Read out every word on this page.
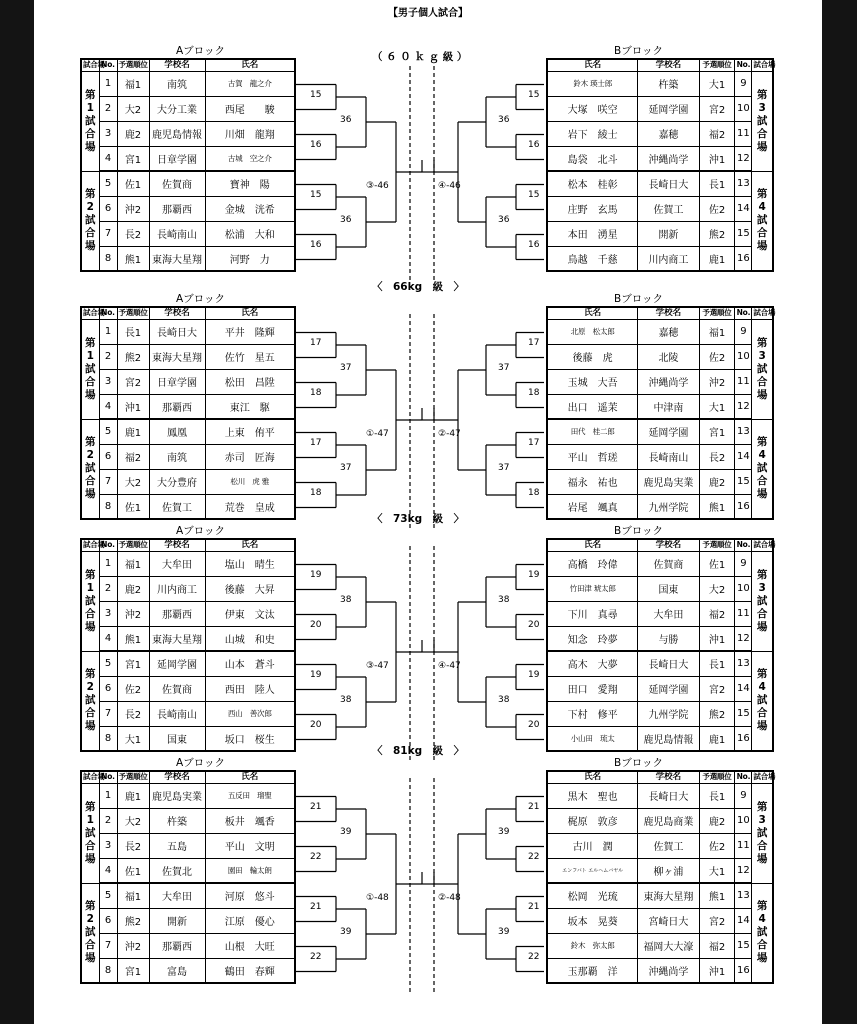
【男子個人試合】
（ ６ ０ ｋ ｇ 級 ）
Aブロック	Bブロック
試合場	No.	予選順位	学校名	氏名
第
1
試
合
場	1	福1	南筑	古賀　龍之介
	2	大2	大分工業	西尾　　駿
	3	鹿2	鹿児島情報	川畑　龍翔
	4	宮1	日章学園	古城　空之介
第
2
試
合
場	5	佐1	佐賀商	寶神　陽
	6	沖2	那覇西	金城　洸希
	7	長2	長崎南山	松浦　大和
	8	熊1	東海大星翔	河野　力
氏名	学校名	予選順位	No.	試合場
鈴木 瑛士郎	杵築	大1	9	第
3
試
合
場
大塚　咲空	延岡学園	宮2	10	
岩下　綾士	嘉穂	福2	11	
島袋　北斗	沖縄尚学	沖1	12	
松本　桂彰	長崎日大	長1	13	第
4
試
合
場
庄野　玄馬	佐賀工	佐2	14	
本田　湧星	開新	熊2	15	
鳥越　千慈	川内商工	鹿1	16	
15
16
15
16
36
36
15
16
15
16
36
36
③-46	④-46
〈　66kg　級　〉
Aブロック	Bブロック
試合場	No.	予選順位	学校名	氏名
第
1
試
合
場	1	長1	長崎日大	平井　隆輝
	2	熊2	東海大星翔	佐竹　星五
	3	宮2	日章学園	松田　昌陞
	4	沖1	那覇西	東江　駆
第
2
試
合
場	5	鹿1	鳳凰	上東　侑平
	6	福2	南筑	赤司　匠海
	7	大2	大分豊府	松川　虎 雅
	8	佐1	佐賀工	荒巻　皇成
氏名	学校名	予選順位	No.	試合場
北原　松太郎	嘉穂	福1	9	第
3
試
合
場
後藤　虎	北陵	佐2	10	
玉城　大吾	沖縄尚学	沖2	11	
出口　遥茉	中津南	大1	12	
田代　桂二郎	延岡学園	宮1	13	第
4
試
合
場
平山　哲瑳	長崎南山	長2	14	
福永　祐也	鹿児島実業	鹿2	15	
岩尾　颯真	九州学院	熊1	16	
17
18
17
18
37
37
17
18
17
18
37
37
①-47	②-47
〈　73kg　級　〉
Aブロック	Bブロック
試合場	No.	予選順位	学校名	氏名
第
1
試
合
場	1	福1	大牟田	塩山　晴生
	2	鹿2	川内商工	後藤　大昇
	3	沖2	那覇西	伊東　文汰
	4	熊1	東海大星翔	山城　和史
第
2
試
合
場	5	宮1	延岡学園	山本　蒼斗
	6	佐2	佐賀商	西田　陸人
	7	長2	長崎南山	西山　善次郎
	8	大1	国東	坂口　桜生
氏名	学校名	予選順位	No.	試合場
高橋　玲偉	佐賀商	佐1	9	第
3
試
合
場
竹田津 琥太郎	国東	大2	10	
下川　真尋	大牟田	福2	11	
知念　玲夢	与勝	沖1	12	
高木　大夢	長崎日大	長1	13	第
4
試
合
場
田口　愛翔	延岡学園	宮2	14	
下村　修平	九州学院	熊2	15	
小山田　琉太	鹿児島情報	鹿1	16	
19
20
19
20
38
38
19
20
19
20
38
38
③-47	④-47
〈　81kg　級　〉
Aブロック	Bブロック
試合場	No.	予選順位	学校名	氏名
第
1
試
合
場	1	鹿1	鹿児島実業	五反田　瑠聖
	2	大2	杵築	板井　颯香
	3	長2	五島	平山　文明
	4	佐1	佐賀北	園田　輪太朗
第
2
試
合
場	5	福1	大牟田	河原　悠斗
	6	熊2	開新	江原　優心
	7	沖2	那覇西	山根　大旺
	8	宮1	富島	鶴田　春輝
氏名	学校名	予選順位	No.	試合場
黒木　聖也	長崎日大	長1	9	第
3
試
合
場
梶原　敦彦	鹿児島商業	鹿2	10	
古川　潤	佐賀工	佐2	11	
エンフバト エルヘムバヤル	柳ヶ浦	大1	12	
松岡　光琉	東海大星翔	熊1	13	第
4
試
合
場
坂本　晃葵	宮崎日大	宮2	14	
鈴木　弥太郎	福岡大大濠	福2	15	
玉那覇　洋	沖縄尚学	沖1	16	
21
22
21
22
39
39
21
22
21
22
39
39
①-48	②-48
